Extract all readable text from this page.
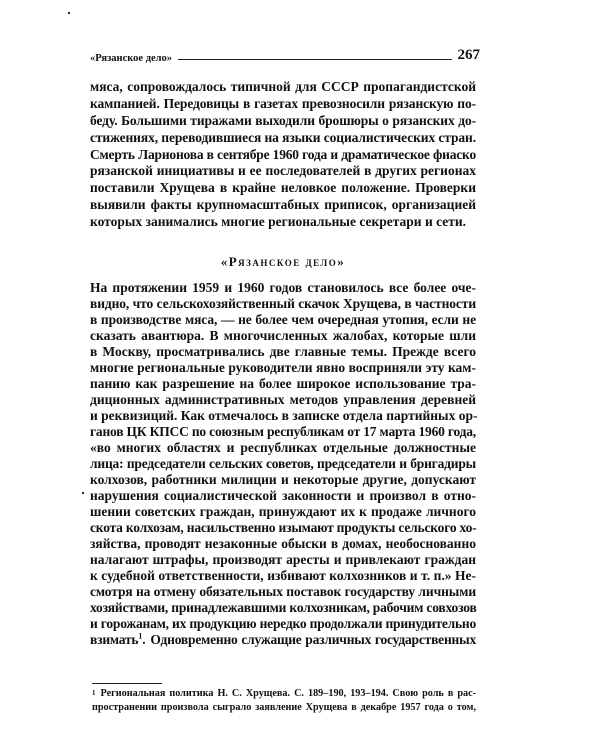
«Рязанское дело»	267
мяса, сопровождалось типичной для СССР пропагандистской
кампанией. Передовицы в газетах превозносили рязанскую по-
беду. Большими тиражами выходили брошюры о рязанских до-
стижениях, переводившиеся на языки социалистических стран.
Смерть Ларионова в сентябре 1960 года и драматическое фиаско
рязанской инициативы и ее последователей в других регионах
поставили Хрущева в крайне неловкое положение. Проверки
выявили факты крупномасштабных приписок, организацией
которых занимались многие региональные секретари и сети.
«Рязанское дело»
На протяжении 1959 и 1960 годов становилось все более оче-
видно, что сельскохозяйственный скачок Хрущева, в частности
в производстве мяса, — не более чем очередная утопия, если не
сказать авантюра. В многочисленных жалобах, которые шли
в Москву, просматривались две главные темы. Прежде всего
многие региональные руководители явно восприняли эту кам-
панию как разрешение на более широкое использование тра-
диционных административных методов управления деревней
и реквизиций. Как отмечалось в записке отдела партийных ор-
ганов ЦК КПСС по союзным республикам от 17 марта 1960 года,
«во многих областях и республиках отдельные должностные
лица: председатели сельских советов, председатели и бригадиры
колхозов, работники милиции и некоторые другие, допускают
нарушения социалистической законности и произвол в отно-
шении советских граждан, принуждают их к продаже личного
скота колхозам, насильственно изымают продукты сельского хо-
зяйства, проводят незаконные обыски в домах, необоснованно
налагают штрафы, производят аресты и привлекают граждан
к судебной ответственности, избивают колхозников и т. п.» Не-
смотря на отмену обязательных поставок государству личными
хозяйствами, принадлежавшими колхозникам, рабочим совхозов
и горожанам, их продукцию нередко продолжали принудительно
взимать$^1$. Одновременно служащие различных государственных
1 Региональная политика Н. С. Хрущева. С. 189–190, 193–194. Свою роль в рас-
пространении произвола сыграло заявление Хрущева в декабре 1957 года о том,
